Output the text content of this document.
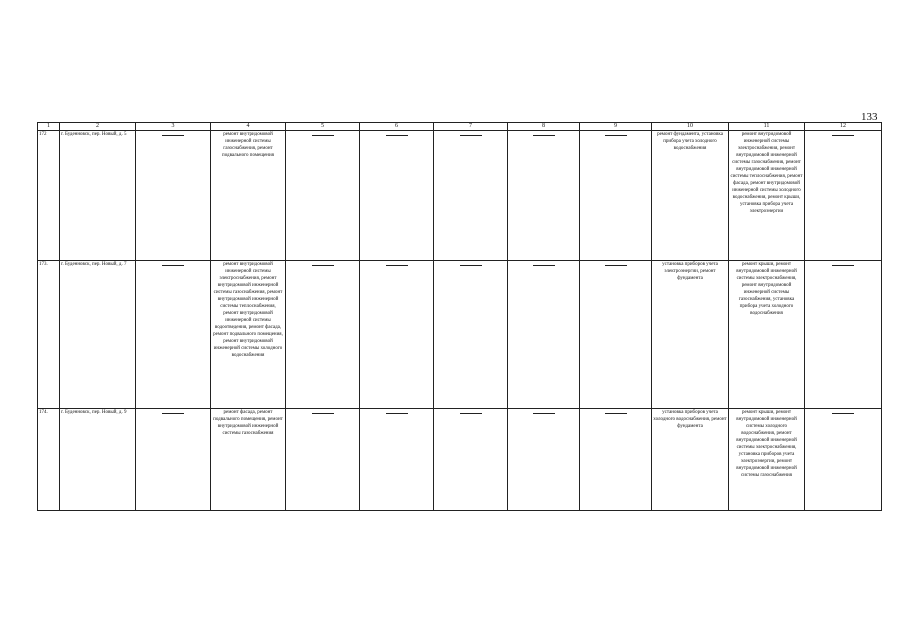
133
1	2	3	4	5	6	7	8	9	10	11	12
172	г. Буденновск, пер. Новый, д. 5		ремонт внутридомовой инженерной системы газоснабжения, ремонт подвального помещения						ремонт фундамента, установка прибора учета холодного водоснабжения	ремонт внутридомовой инженерной системы электроснабжения, ремонт внутридомовой инженерной системы газоснабжения, ремонт внутридомовой инженерной системы теплоснабжения, ремонт фасада, ремонт внутридомовой инженерной системы холодного водоснабжения, ремонт крыши, установка прибора учета электроэнергии	

173.	г. Буденновск, пер. Новый, д. 7		ремонт внутридомовой инженерной системы электроснабжения, ремонт внутридомовой инженерной системы газоснабжения, ремонт внутридомовой инженерной системы теплоснабжения, ремонт внутридомовой инженерной системы водоотведения, ремонт фасада, ремонт подвального помещения, ремонт внутридомовой инженерной системы холодного водоснабжения						установка приборов учета электроэнергии, ремонт фундамента	ремонт крыши, ремонт внутридомовой инженерной системы электроснабжения, ремонт внутридомовой инженерной системы газоснабжения, установка прибора учета холодного водоснабжения	

174.	г. Буденновск, пер. Новый, д. 9		ремонт фасада, ремонт подвального помещения, ремонт внутридомовой инженерной системы газоснабжения						установка приборов учета холодного водоснабжения, ремонт фундамента	ремонт крыши, ремонт внутридомовой инженерной системы холодного водоснабжения, ремонт внутридомовой инженерной системы электроснабжения, установка приборов учета электроэнергии, ремонт внутридомовой инженерной системы газоснабжения	
